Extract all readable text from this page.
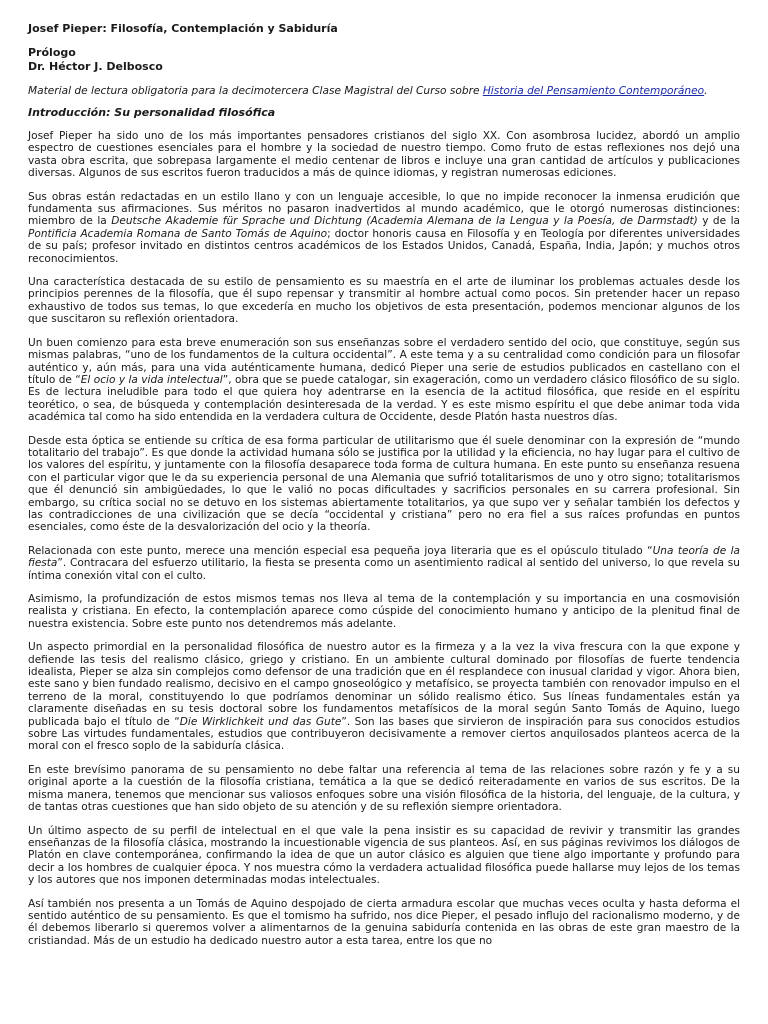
Josef Pieper: Filosofía, Contemplación y Sabiduría
Prólogo
Dr. Héctor J. Delbosco
Material de lectura obligatoria para la decimotercera Clase Magistral del Curso sobre Historia del Pensamiento Contemporáneo.
Introducción: Su personalidad filosófica

Josef Pieper ha sido uno de los más importantes pensadores cristianos del siglo XX. Con asombrosa lucidez, abordó un amplio espectro de cuestiones esenciales para el hombre y la sociedad de nuestro tiempo. Como fruto de estas reflexiones nos dejó una vasta obra escrita, que sobrepasa largamente el medio centenar de libros e incluye una gran cantidad de artículos y publicaciones diversas. Algunos de sus escritos fueron traducidos a más de quince idiomas, y registran numerosas ediciones.

Sus obras están redactadas en un estilo llano y con un lenguaje accesible, lo que no impide reconocer la inmensa erudición que fundamenta sus afirmaciones. Sus méritos no pasaron inadvertidos al mundo académico, que le otorgó numerosas distinciones: miembro de la Deutsche Akademie für Sprache und Dichtung (Academia Alemana de la Lengua y la Poesía, de Darmstadt) y de la Pontificia Academia Romana de Santo Tomás de Aquino; doctor honoris causa en Filosofía y en Teología por diferentes universidades de su país; profesor invitado en distintos centros académicos de los Estados Unidos, Canadá, España, India, Japón; y muchos otros reconocimientos.

Una característica destacada de su estilo de pensamiento es su maestría en el arte de iluminar los problemas actuales desde los principios perennes de la filosofía, que él supo repensar y transmitir al hombre actual como pocos. Sin pretender hacer un repaso exhaustivo de todos sus temas, lo que excedería en mucho los objetivos de esta presentación, podemos mencionar algunos de los que suscitaron su reflexión orientadora.

Un buen comienzo para esta breve enumeración son sus enseñanzas sobre el verdadero sentido del ocio, que constituye, según sus mismas palabras, “uno de los fundamentos de la cultura occidental”. A este tema y a su centralidad como condición para un filosofar auténtico y, aún más, para una vida auténticamente humana, dedicó Pieper una serie de estudios publicados en castellano con el título de “El ocio y la vida intelectual”, obra que se puede catalogar, sin exageración, como un verdadero clásico filosófico de su siglo. Es de lectura ineludible para todo el que quiera hoy adentrarse en la esencia de la actitud filosófica, que reside en el espíritu teorético, o sea, de búsqueda y contemplación desinteresada de la verdad. Y es este mismo espíritu el que debe animar toda vida académica tal como ha sido entendida en la verdadera cultura de Occidente, desde Platón hasta nuestros días.

Desde esta óptica se entiende su crítica de esa forma particular de utilitarismo que él suele denominar con la expresión de “mundo totalitario del trabajo”. Es que donde la actividad humana sólo se justifica por la utilidad y la eficiencia, no hay lugar para el cultivo de los valores del espíritu, y juntamente con la filosofía desaparece toda forma de cultura humana. En este punto su enseñanza resuena con el particular vigor que le da su experiencia personal de una Alemania que sufrió totalitarismos de uno y otro signo; totalitarismos que él denunció sin ambigüedades, lo que le valió no pocas dificultades y sacrificios personales en su carrera profesional. Sin embargo, su crítica social no se detuvo en los sistemas abiertamente totalitarios, ya que supo ver y señalar también los defectos y las contradicciones de una civilización que se decía “occidental y cristiana” pero no era fiel a sus raíces profundas en puntos esenciales, como éste de la desvalorización del ocio y la theoría.

Relacionada con este punto, merece una mención especial esa pequeña joya literaria que es el opúsculo titulado “Una teoría de la fiesta”. Contracara del esfuerzo utilitario, la fiesta se presenta como un asentimiento radical al sentido del universo, lo que revela su íntima conexión vital con el culto.

Asimismo, la profundización de estos mismos temas nos lleva al tema de la contemplación y su importancia en una cosmovisión realista y cristiana. En efecto, la contemplación aparece como cúspide del conocimiento humano y anticipo de la plenitud final de nuestra existencia. Sobre este punto nos detendremos más adelante.

Un aspecto primordial en la personalidad filosófica de nuestro autor es la firmeza y a la vez la viva frescura con la que expone y defiende las tesis del realismo clásico, griego y cristiano. En un ambiente cultural dominado por filosofías de fuerte tendencia idealista, Pieper se alza sin complejos como defensor de una tradición que en él resplandece con inusual claridad y vigor. Ahora bien, este sano y bien fundado realismo, decisivo en el campo gnoseológico y metafísico, se proyecta también con renovador impulso en el terreno de la moral, constituyendo lo que podríamos denominar un sólido realismo ético. Sus líneas fundamentales están ya claramente diseñadas en su tesis doctoral sobre los fundamentos metafísicos de la moral según Santo Tomás de Aquino, luego publicada bajo el título de “Die Wirklichkeit und das Gute”. Son las bases que sirvieron de inspiración para sus conocidos estudios sobre Las virtudes fundamentales, estudios que contribuyeron decisivamente a remover ciertos anquilosados planteos acerca de la moral con el fresco soplo de la sabiduría clásica.

En este brevísimo panorama de su pensamiento no debe faltar una referencia al tema de las relaciones sobre razón y fe y a su original aporte a la cuestión de la filosofía cristiana, temática a la que se dedicó reiteradamente en varios de sus escritos. De la misma manera, tenemos que mencionar sus valiosos enfoques sobre una visión filosófica de la historia, del lenguaje, de la cultura, y de tantas otras cuestiones que han sido objeto de su atención y de su reflexión siempre orientadora.

Un último aspecto de su perfil de intelectual en el que vale la pena insistir es su capacidad de revivir y transmitir las grandes enseñanzas de la filosofía clásica, mostrando la incuestionable vigencia de sus planteos. Así, en sus páginas revivimos los diálogos de Platón en clave contemporánea, confirmando la idea de que un autor clásico es alguien que tiene algo importante y profundo para decir a los hombres de cualquier época. Y nos muestra cómo la verdadera actualidad filosófica puede hallarse muy lejos de los temas y los autores que nos imponen determinadas modas intelectuales.

Así también nos presenta a un Tomás de Aquino despojado de cierta armadura escolar que muchas veces oculta y hasta deforma el sentido auténtico de su pensamiento. Es que el tomismo ha sufrido, nos dice Pieper, el pesado influjo del racionalismo moderno, y de él debemos liberarlo si queremos volver a alimentarnos de la genuina sabiduría contenida en las obras de este gran maestro de la cristiandad. Más de un estudio ha dedicado nuestro autor a esta tarea, entre los que no
